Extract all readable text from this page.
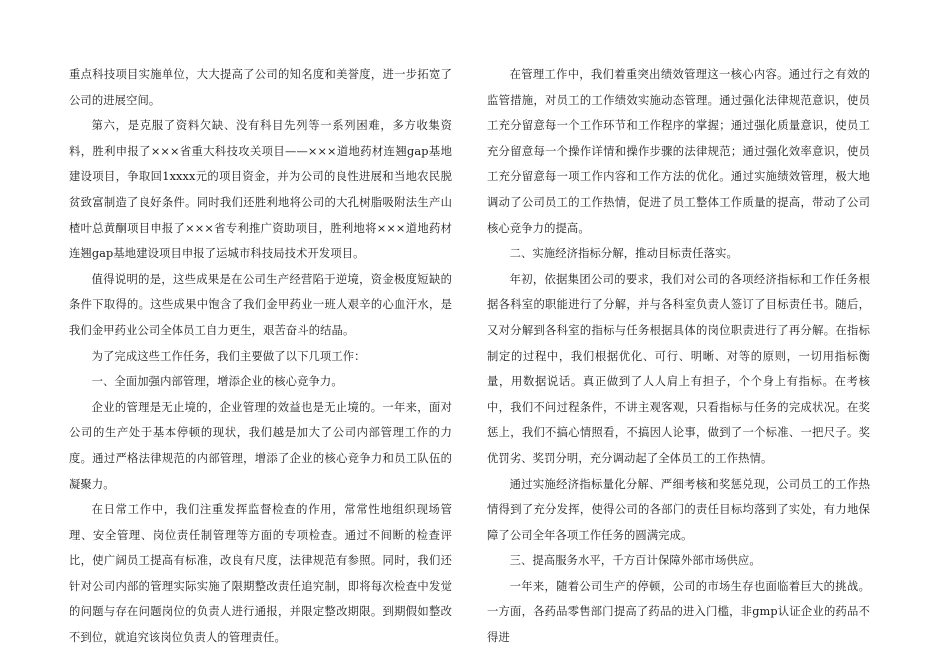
重点科技项目实施单位，大大提高了公司的知名度和美誉度，进一步拓宽了公司的进展空间。

第六，是克服了资料欠缺、没有科目先列等一系列困难，多方收集资料，胜利申报了×××省重大科技攻关项目——×××道地药材连翘gap基地建设项目，争取回1xxxx元的项目资金，并为公司的良性进展和当地农民脱贫致富制造了良好条件。同时我们还胜利地将公司的大孔树脂吸附法生产山楂叶总黄酮项目申报了×××省专利推广资助项目，胜利地将×××道地药材连翘gap基地建设项目申报了运城市科技局技术开发项目。

值得说明的是，这些成果是在公司生产经营陷于逆境，资金极度短缺的条件下取得的。这些成果中饱含了我们金甲药业一班人艰辛的心血汗水，是我们金甲药业公司全体员工自力更生，艰苦奋斗的结晶。

为了完成这些工作任务，我们主要做了以下几项工作：

一、全面加强内部管理，增添企业的核心竞争力。

企业的管理是无止境的，企业管理的效益也是无止境的。一年来，面对公司的生产处于基本停顿的现状，我们越是加大了公司内部管理工作的力度。通过严格法律规范的内部管理，增添了企业的核心竞争力和员工队伍的凝聚力。

在日常工作中，我们注重发挥监督检查的作用，常常性地组织现场管理、安全管理、岗位责任制管理等方面的专项检查。通过不间断的检查评比，使广阔员工提高有标准，改良有尺度，法律规范有参照。同时，我们还针对公司内部的管理实际实施了限期整改责任追究制，即将每次检查中发觉的问题与存在问题岗位的负责人进行通报，并限定整改期限。到期假如整改不到位，就追究该岗位负责人的管理责任。

在管理工作中，我们着重突出绩效管理这一核心内容。通过行之有效的监管措施，对员工的工作绩效实施动态管理。通过强化法律规范意识，使员工充分留意每一个工作环节和工作程序的掌握；通过强化质量意识，使员工充分留意每一个操作详情和操作步骤的法律规范；通过强化效率意识，使员工充分留意每一项工作内容和工作方法的优化。通过实施绩效管理，极大地调动了公司员工的工作热情，促进了员工整体工作质量的提高，带动了公司核心竞争力的提高。

二、实施经济指标分解，推动目标责任落实。

年初，依据集团公司的要求，我们对公司的各项经济指标和工作任务根据各科室的职能进行了分解，并与各科室负责人签订了目标责任书。随后，又对分解到各科室的指标与任务根据具体的岗位职责进行了再分解。在指标制定的过程中，我们根据优化、可行、明晰、对等的原则，一切用指标衡量，用数据说话。真正做到了人人肩上有担子，个个身上有指标。在考核中，我们不问过程条件，不讲主观客观，只看指标与任务的完成状况。在奖惩上，我们不搞心情照看，不搞因人论事，做到了一个标准、一把尺子。奖优罚劣、奖罚分明，充分调动起了全体员工的工作热情。

通过实施经济指标量化分解、严细考核和奖惩兑现，公司员工的工作热情得到了充分发挥，使得公司的各部门的责任目标均落到了实处，有力地保障了公司全年各项工作任务的圆满完成。

三、提高服务水平，千方百计保障外部市场供应。

一年来，随着公司生产的停顿，公司的市场生存也面临着巨大的挑战。一方面，各药品零售部门提高了药品的进入门槛，非gmp认证企业的药品不得进
